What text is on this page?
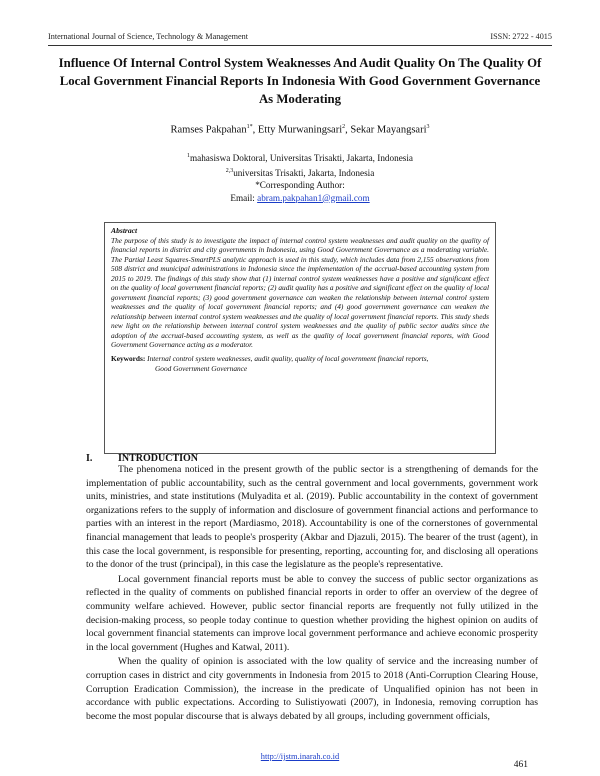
International Journal of Science, Technology & Management	ISSN: 2722 - 4015
Influence Of Internal Control System Weaknesses And Audit Quality On The Quality Of Local Government Financial Reports In Indonesia With Good Government Governance As Moderating
Ramses Pakpahan$^{1*}$, Etty Murwaningsari$^2$, Sekar Mayangsari$^3$
$^1$mahasiswa Doktoral, Universitas Trisakti, Jakarta, Indonesia
$^{2,3}$universitas Trisakti, Jakarta, Indonesia
*Corresponding Author:
Email: abram.pakpahan1@gmail.com
Abstract
The purpose of this study is to investigate the impact of internal control system weaknesses and audit quality on the quality of financial reports in district and city governments in Indonesia, using Good Government Governance as a moderating variable. The Partial Least Squares-SmartPLS analytic approach is used in this study, which includes data from 2,155 observations from 508 district and municipal administrations in Indonesia since the implementation of the accrual-based accounting system from 2015 to 2019. The findings of this study show that (1) internal control system weaknesses have a positive and significant effect on the quality of local government financial reports; (2) audit quality has a positive and significant effect on the quality of local government financial reports; (3) good government governance can weaken the relationship between internal control system weaknesses and the quality of local government financial reports; and (4) good government governance can weaken the relationship between internal control system weaknesses and the quality of local government financial reports. This study sheds new light on the relationship between internal control system weaknesses and the quality of public sector audits since the adoption of the accrual-based accounting system, as well as the quality of local government financial reports, with Good Government Governance acting as a moderator.
Keywords: Internal control system weaknesses, audit quality, quality of local government financial reports,
Good Government Governance
I.	INTRODUCTION

The phenomena noticed in the present growth of the public sector is a strengthening of demands for the implementation of public accountability, such as the central government and local governments, government work units, ministries, and state institutions (Mulyadita et al. (2019). Public accountability in the context of government organizations refers to the supply of information and disclosure of government financial actions and performance to parties with an interest in the report (Mardiasmo, 2018). Accountability is one of the cornerstones of governmental financial management that leads to people's prosperity (Akbar and Djazuli, 2015). The bearer of the trust (agent), in this case the local government, is responsible for presenting, reporting, accounting for, and disclosing all operations to the donor of the trust (principal), in this case the legislature as the people's representative.

Local government financial reports must be able to convey the success of public sector organizations as reflected in the quality of comments on published financial reports in order to offer an overview of the degree of community welfare achieved. However, public sector financial reports are frequently not fully utilized in the decision-making process, so people today continue to question whether providing the highest opinion on audits of local government financial statements can improve local government performance and achieve economic prosperity in the local government (Hughes and Katwal, 2011).

When the quality of opinion is associated with the low quality of service and the increasing number of corruption cases in district and city governments in Indonesia from 2015 to 2018 (Anti-Corruption Clearing House, Corruption Eradication Commission), the increase in the predicate of Unqualified opinion has not been in accordance with public expectations. According to Sulistiyowati (2007), in Indonesia, removing corruption has become the most popular discourse that is always debated by all groups, including government officials,

http://ijstm.inarah.co.id
461
